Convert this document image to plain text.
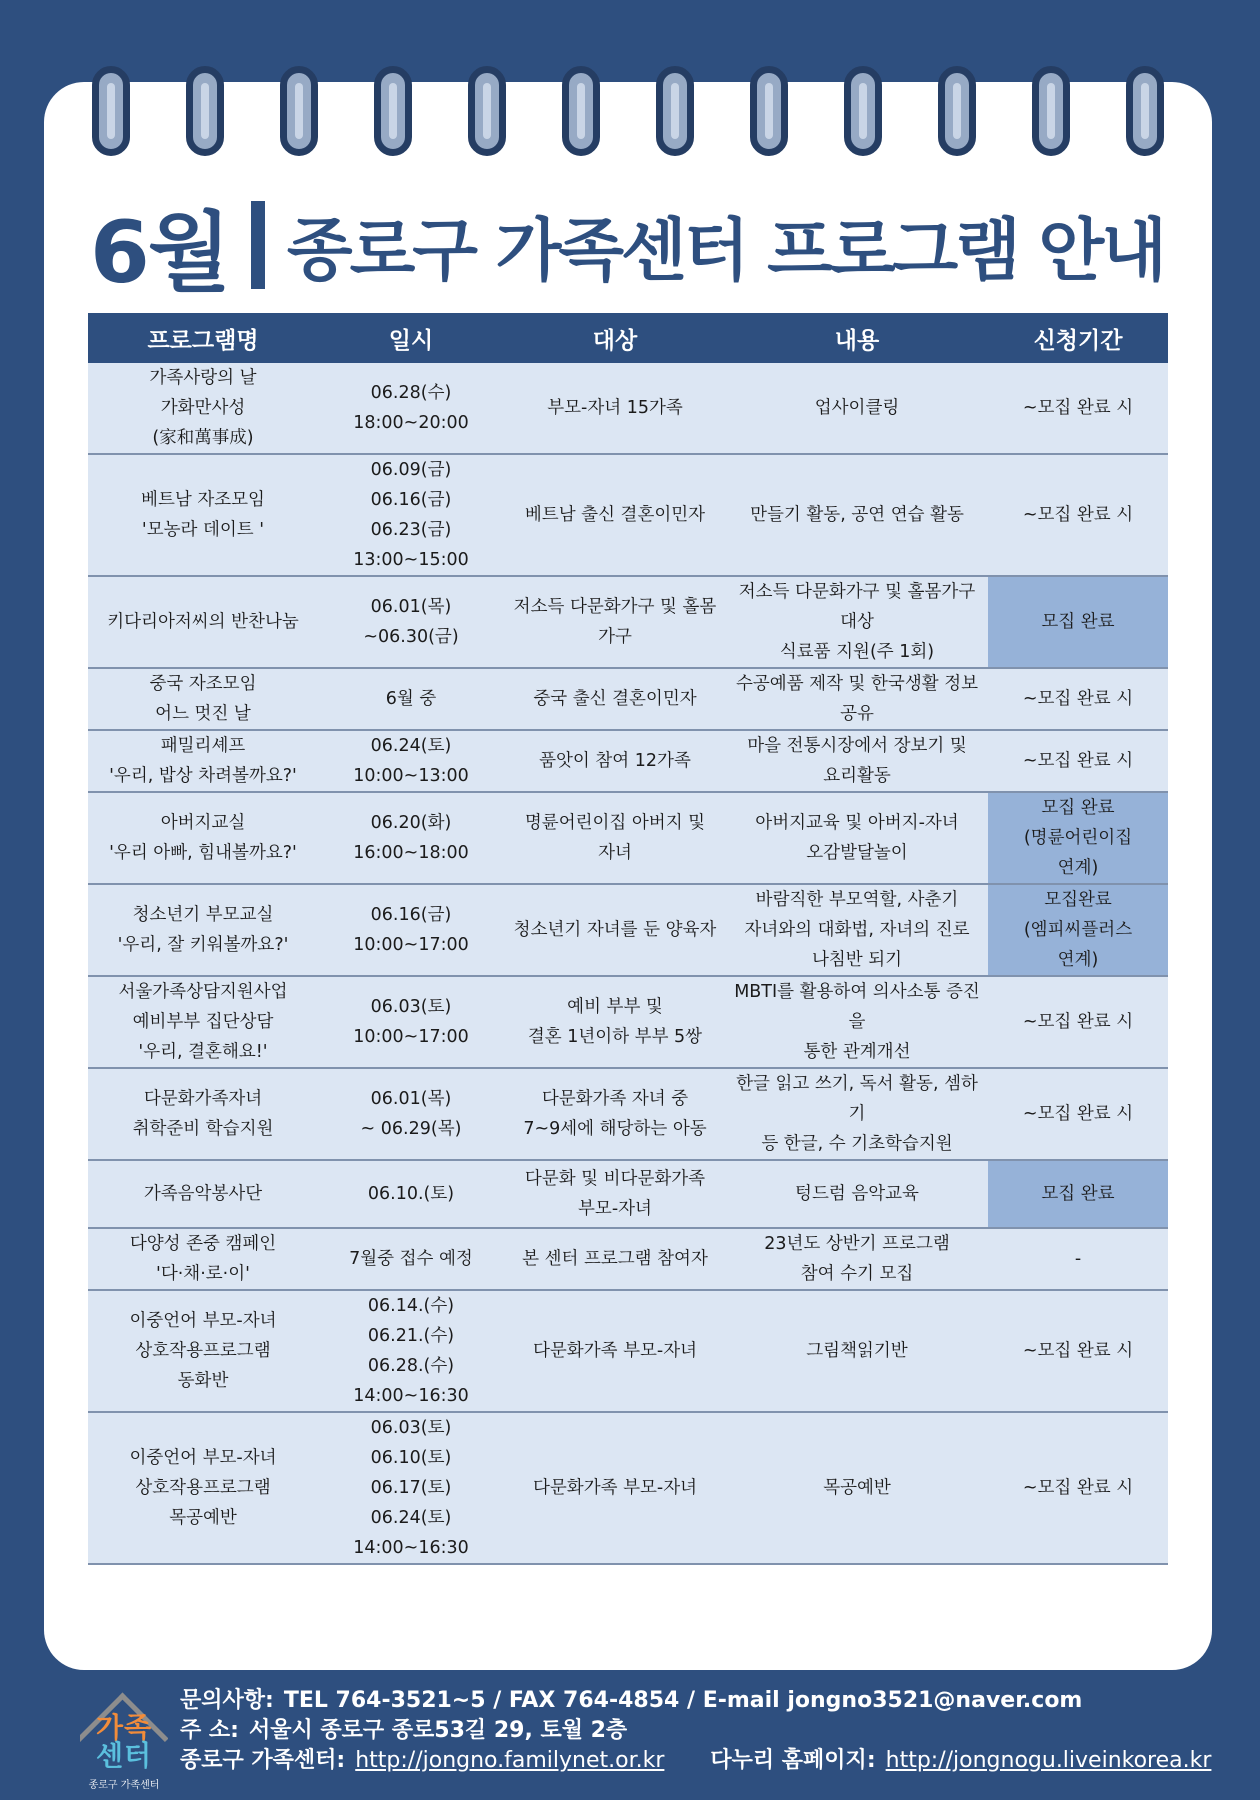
6월 종로구 가족센터 프로그램 안내
프로그램명	일시	대상	내용	신청기간

가족사랑의 날
가화만사성
(家和萬事成)	06.28(수)
18:00~20:00	부모-자녀 15가족	업사이클링	~모집 완료 시

베트남 자조모임
'모농라 데이트 '	06.09(금)
06.16(금)
06.23(금)
13:00~15:00	베트남 출신 결혼이민자	만들기 활동, 공연 연습 활동	~모집 완료 시

키다리아저씨의 반찬나눔	06.01(목)
~06.30(금)	저소득 다문화가구 및 홀몸
가구	저소득 다문화가구 및 홀몸가구 대상
식료품 지원(주 1회)	모집 완료

중국 자조모임
어느 멋진 날	6월 중	중국 출신 결혼이민자	수공예품 제작 및 한국생활 정보공유	~모집 완료 시

패밀리셰프
'우리, 밥상 차려볼까요?'	06.24(토)
10:00~13:00	품앗이 참여 12가족	마을 전통시장에서 장보기 및
요리활동	~모집 완료 시

아버지교실
'우리 아빠, 힘내볼까요?'	06.20(화)
16:00~18:00	명륜어린이집 아버지 및
자녀	아버지교육 및 아버지-자녀
오감발달놀이	모집 완료
(명륜어린이집
연계)

청소년기 부모교실
'우리, 잘 키워볼까요?'	06.16(금)
10:00~17:00	청소년기 자녀를 둔 양육자	바람직한 부모역할, 사춘기
자녀와의 대화법, 자녀의 진로
나침반 되기	모집완료
(엠피씨플러스
연계)

서울가족상담지원사업
예비부부 집단상담
'우리, 결혼해요!'	06.03(토)
10:00~17:00	예비 부부 및
결혼 1년이하 부부 5쌍	MBTI를 활용하여 의사소통 증진을
통한 관계개선	~모집 완료 시

다문화가족자녀
취학준비 학습지원	06.01(목)
~ 06.29(목)	다문화가족 자녀 중
7~9세에 해당하는 아동	한글 읽고 쓰기, 독서 활동, 셈하기
등 한글, 수 기초학습지원	~모집 완료 시

가족음악봉사단	06.10.(토)	다문화 및 비다문화가족
부모-자녀	텅드럼 음악교육	모집 완료

다양성 존중 캠페인
'다·채·로·이'	7월중 접수 예정	본 센터 프로그램 참여자	23년도 상반기 프로그램
참여 수기 모집	-

이중언어 부모-자녀
상호작용프로그램
동화반	06.14.(수)
06.21.(수)
06.28.(수)
14:00~16:30	다문화가족 부모-자녀	그림책읽기반	~모집 완료 시

이중언어 부모-자녀
상호작용프로그램
목공예반	06.03(토)
06.10(토)
06.17(토)
06.24(토)
14:00~16:30	다문화가족 부모-자녀	목공예반	~모집 완료 시
가족
센터
종로구 가족센터
문의사항: TEL 764-3521~5 / FAX 764-4854 / E-mail jongno3521@naver.com
주 소: 서울시 종로구 종로53길 29, 토월 2층
종로구 가족센터: http://jongno.familynet.or.kr 다누리 홈페이지: http://jongnogu.liveinkorea.kr
